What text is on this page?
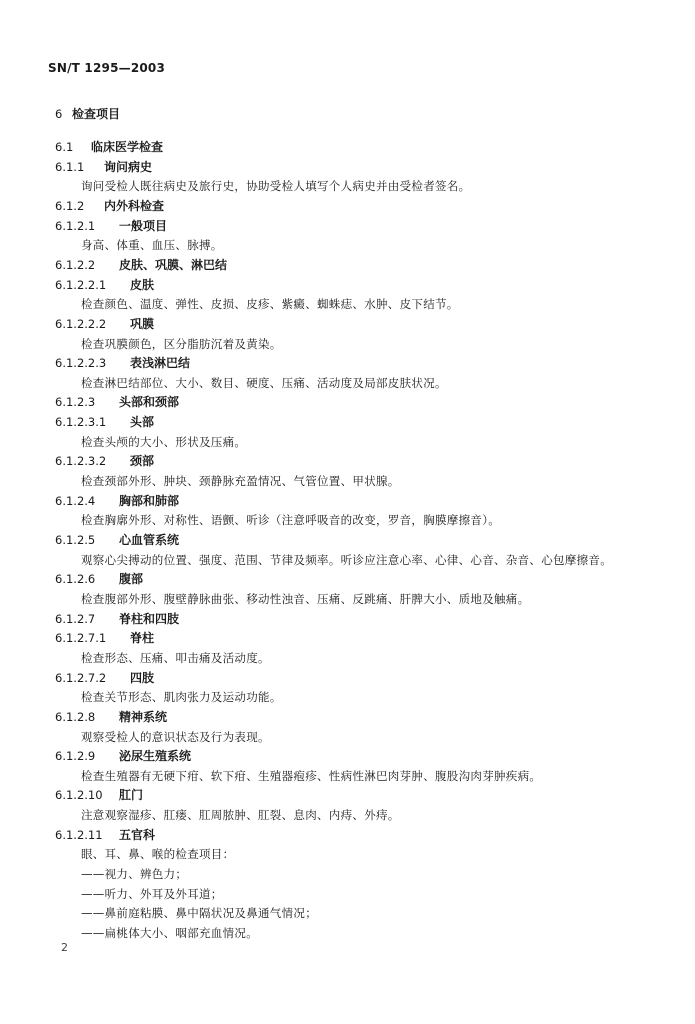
SN/T 1295—2003
6 检查项目
6.1 临床医学检查
6.1.1 询问病史
询问受检人既往病史及旅行史，协助受检人填写个人病史并由受检者签名。
6.1.2 内外科检查
6.1.2.1 一般项目
身高、体重、血压、脉搏。
6.1.2.2 皮肤、巩膜、淋巴结
6.1.2.2.1 皮肤
检查颜色、温度、弹性、皮损、皮疹、紫癜、蜘蛛痣、水肿、皮下结节。
6.1.2.2.2 巩膜
检查巩膜颜色，区分脂肪沉着及黄染。
6.1.2.2.3 表浅淋巴结
检查淋巴结部位、大小、数目、硬度、压痛、活动度及局部皮肤状况。
6.1.2.3 头部和颈部
6.1.2.3.1 头部
检查头颅的大小、形状及压痛。
6.1.2.3.2 颈部
检查颈部外形、肿块、颈静脉充盈情况、气管位置、甲状腺。
6.1.2.4 胸部和肺部
检查胸廓外形、对称性、语颤、听诊（注意呼吸音的改变，罗音，胸膜摩擦音）。
6.1.2.5 心血管系统
观察心尖搏动的位置、强度、范围、节律及频率。听诊应注意心率、心律、心音、杂音、心包摩擦音。
6.1.2.6 腹部
检查腹部外形、腹壁静脉曲张、移动性浊音、压痛、反跳痛、肝脾大小、质地及触痛。
6.1.2.7 脊柱和四肢
6.1.2.7.1 脊柱
检查形态、压痛、叩击痛及活动度。
6.1.2.7.2 四肢
检查关节形态、肌肉张力及运动功能。
6.1.2.8 精神系统
观察受检人的意识状态及行为表现。
6.1.2.9 泌尿生殖系统
检查生殖器有无硬下疳、软下疳、生殖器疱疹、性病性淋巴肉芽肿、腹股沟肉芽肿疾病。
6.1.2.10 肛门
注意观察湿疹、肛瘘、肛周脓肿、肛裂、息肉、内痔、外痔。
6.1.2.11 五官科
眼、耳、鼻、喉的检查项目：
——视力、辨色力；
——听力、外耳及外耳道；
——鼻前庭粘膜、鼻中隔状况及鼻通气情况；
——扁桃体大小、咽部充血情况。
2
